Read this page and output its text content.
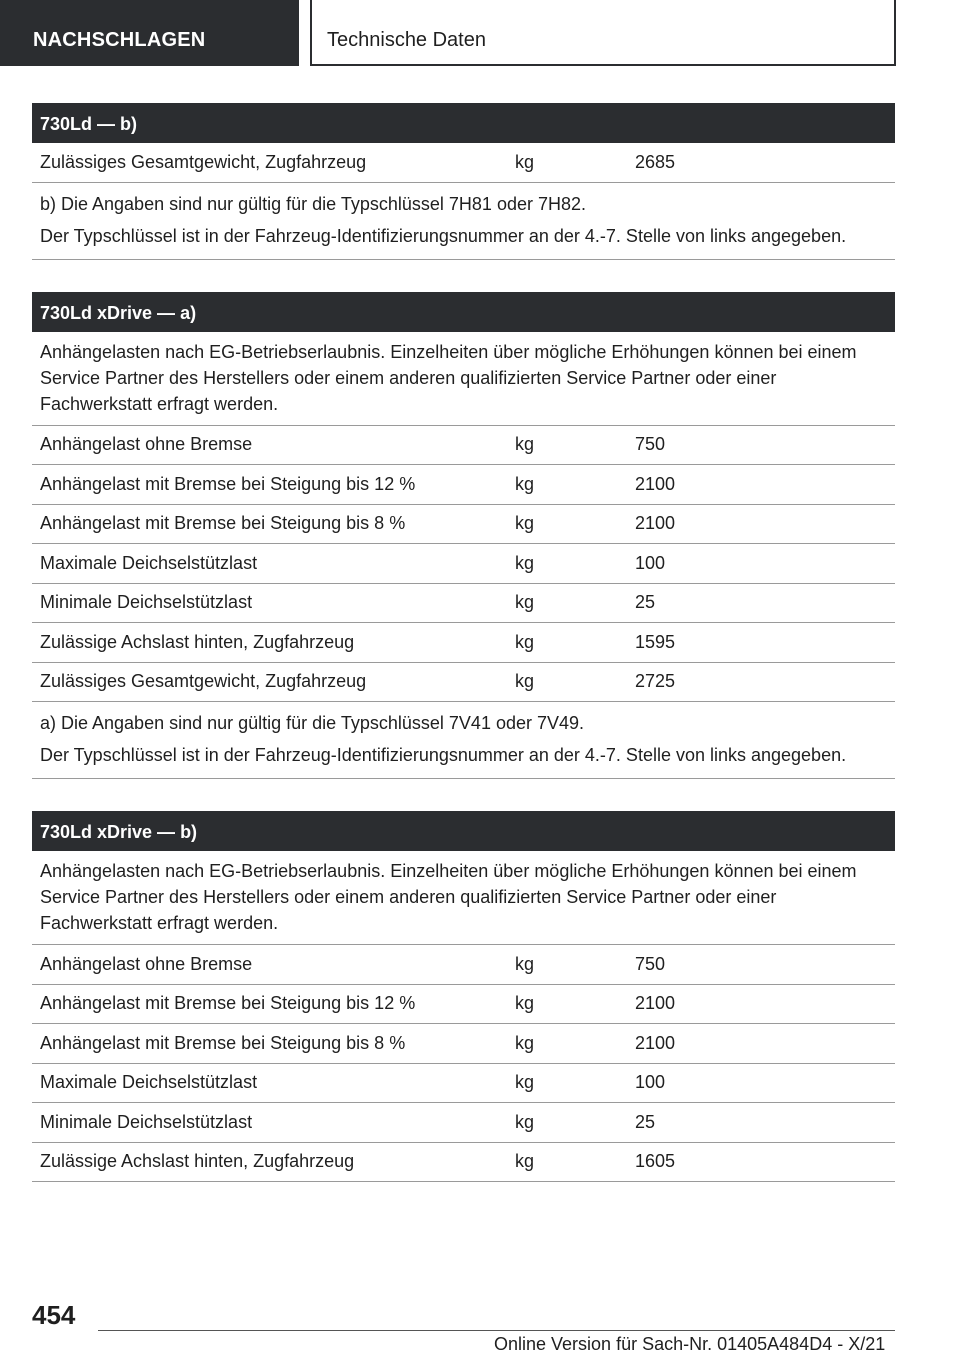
NACHSCHLAGEN	Technische Daten
730Ld — b)
Zulässiges Gesamtgewicht, Zugfahrzeug	kg	2685

b) Die Angaben sind nur gültig für die Typschlüssel 7H81 oder 7H82.

Der Typschlüssel ist in der Fahrzeug-Identifizierungsnummer an der 4.-7. Stelle von links angegeben.

730Ld xDrive — a)
Anhängelasten nach EG-Betriebserlaubnis. Einzelheiten über mögliche Erhöhungen können bei einem Service Partner des Herstellers oder einem anderen qualifizierten Service Partner oder einer Fachwerkstatt erfragt werden.
Anhängelast ohne Bremse	kg	750
Anhängelast mit Bremse bei Steigung bis 12 %	kg	2100
Anhängelast mit Bremse bei Steigung bis 8 %	kg	2100
Maximale Deichselstützlast	kg	100
Minimale Deichselstützlast	kg	25
Zulässige Achslast hinten, Zugfahrzeug	kg	1595
Zulässiges Gesamtgewicht, Zugfahrzeug	kg	2725

a) Die Angaben sind nur gültig für die Typschlüssel 7V41 oder 7V49.

Der Typschlüssel ist in der Fahrzeug-Identifizierungsnummer an der 4.-7. Stelle von links angegeben.

730Ld xDrive — b)
Anhängelasten nach EG-Betriebserlaubnis. Einzelheiten über mögliche Erhöhungen können bei einem Service Partner des Herstellers oder einem anderen qualifizierten Service Partner oder einer Fachwerkstatt erfragt werden.
Anhängelast ohne Bremse	kg	750
Anhängelast mit Bremse bei Steigung bis 12 %	kg	2100
Anhängelast mit Bremse bei Steigung bis 8 %	kg	2100
Maximale Deichselstützlast	kg	100
Minimale Deichselstützlast	kg	25
Zulässige Achslast hinten, Zugfahrzeug	kg	1605
454
Online Version für Sach-Nr. 01405A484D4 - X/21
